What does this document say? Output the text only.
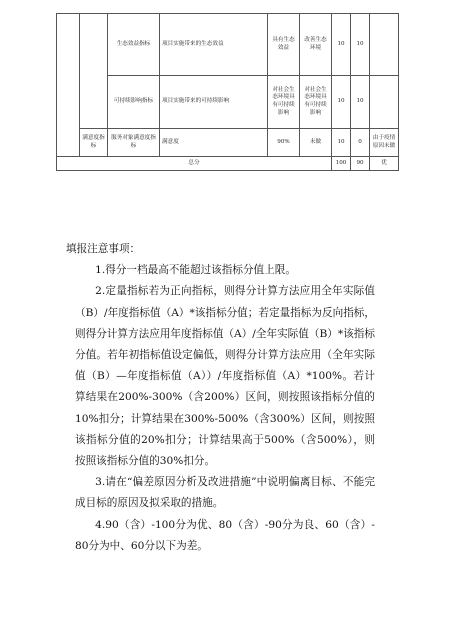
		生态效益指标	项目实施带来的生态效益	具有生态效益	改善生态环境	10	10	
		可持续影响指标	项目实施带来的可持续影响	对社会生态环境具有可持续影响	对社会生态环境具有可持续影响	10	10	
	满意度指标	服务对象满意度指标	满意度	90%	未做	10	0	由于疫情原因未做
总分						100	90	优
填报注意事项：

1.得分一档最高不能超过该指标分值上限。

2.定量指标若为正向指标，则得分计算方法应用全年实际值（B）/年度指标值（A）*该指标分值；若定量指标为反向指标，则得分计算方法应用年度指标值（A）/全年实际值（B）*该指标分值。若年初指标值设定偏低，则得分计算方法应用（全年实际值（B）—年度指标值（A））/年度指标值（A）*100%。若计算结果在200%-300%（含200%）区间，则按照该指标分值的10%扣分；计算结果在300%-500%（含300%）区间，则按照该指标分值的20%扣分；计算结果高于500%（含500%），则按照该指标分值的30%扣分。

3.请在“偏差原因分析及改进措施”中说明偏离目标、不能完成目标的原因及拟采取的措施。

4.90（含）-100分为优、80（含）-90分为良、60（含）-80分为中、60分以下为差。
